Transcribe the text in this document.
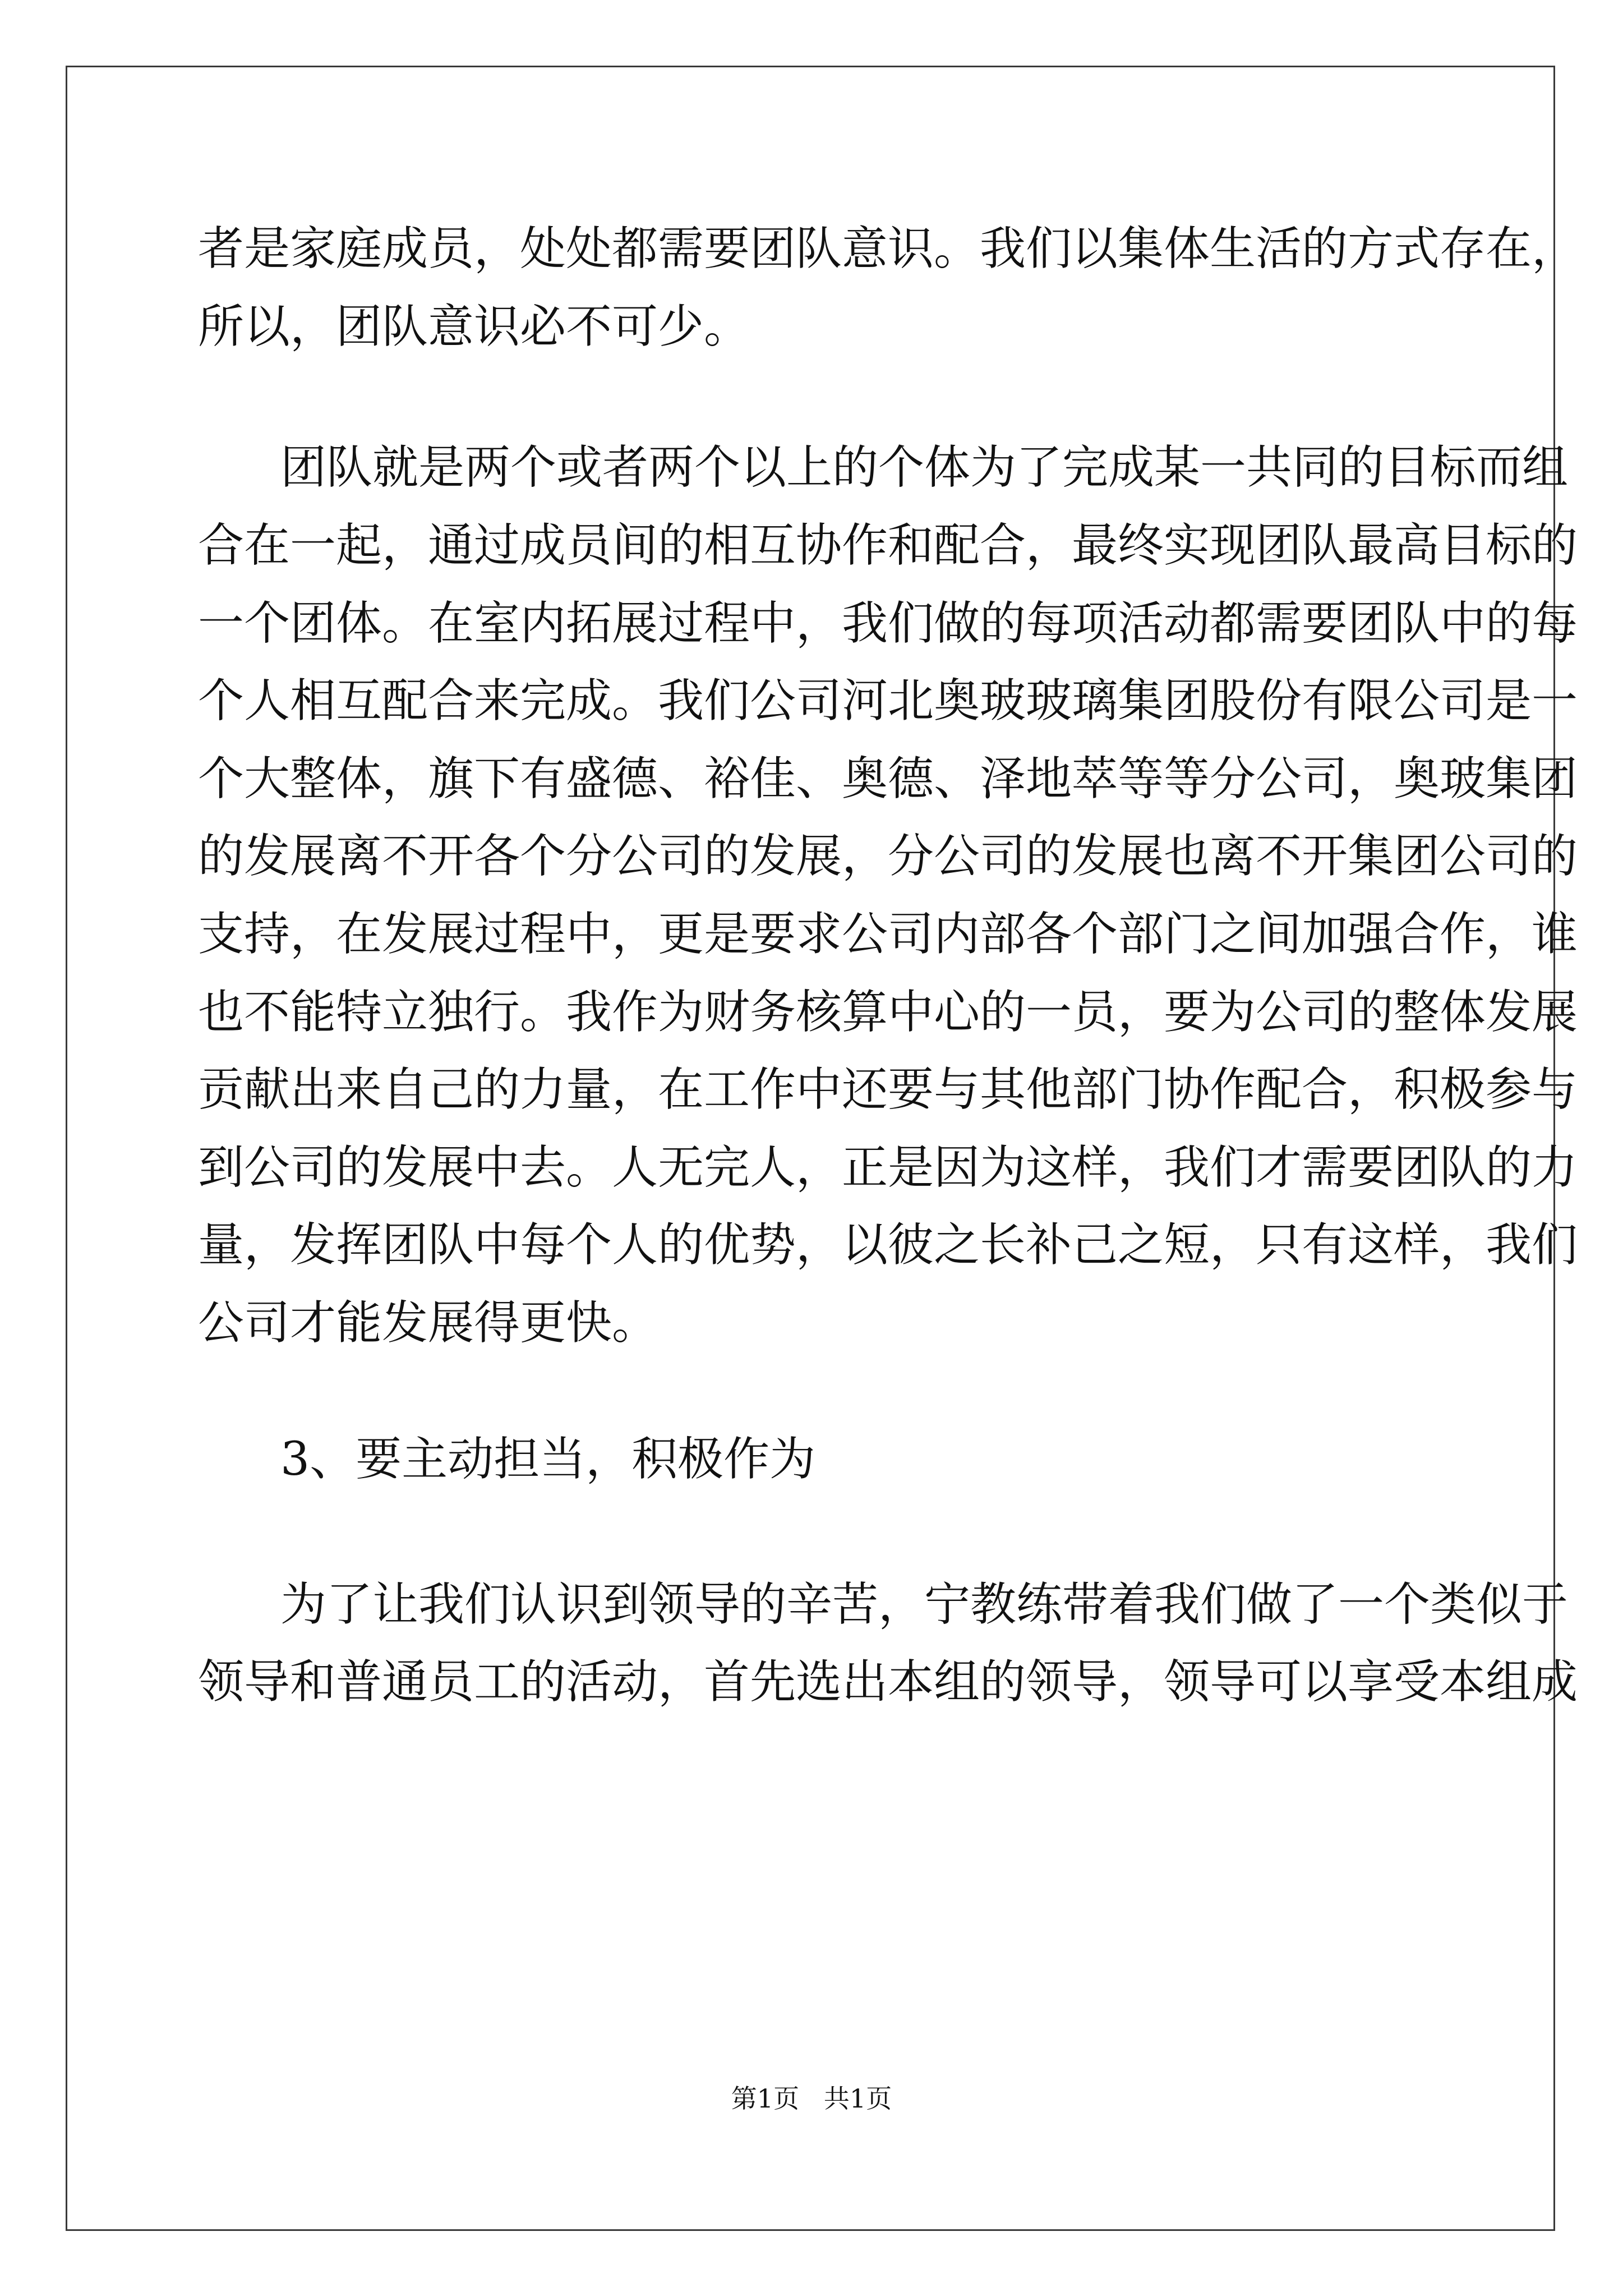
者是家庭成员，处处都需要团队意识。我们以集体生活的方式存在，

所以，团队意识必不可少。

团队就是两个或者两个以上的个体为了完成某一共同的目标而组

合在一起，通过成员间的相互协作和配合，最终实现团队最高目标的

一个团体。在室内拓展过程中，我们做的每项活动都需要团队中的每

个人相互配合来完成。我们公司河北奥玻玻璃集团股份有限公司是一

个大整体，旗下有盛德、裕佳、奥德、泽地萃等等分公司，奥玻集团

的发展离不开各个分公司的发展，分公司的发展也离不开集团公司的

支持，在发展过程中，更是要求公司内部各个部门之间加强合作，谁

也不能特立独行。我作为财务核算中心的一员，要为公司的整体发展

贡献出来自己的力量，在工作中还要与其他部门协作配合，积极参与

到公司的发展中去。人无完人，正是因为这样，我们才需要团队的力

量，发挥团队中每个人的优势，以彼之长补己之短，只有这样，我们

公司才能发展得更快。

3、要主动担当，积极作为

为了让我们认识到领导的辛苦，宁教练带着我们做了一个类似于

领导和普通员工的活动，首先选出本组的领导，领导可以享受本组成

第1页   共1页
